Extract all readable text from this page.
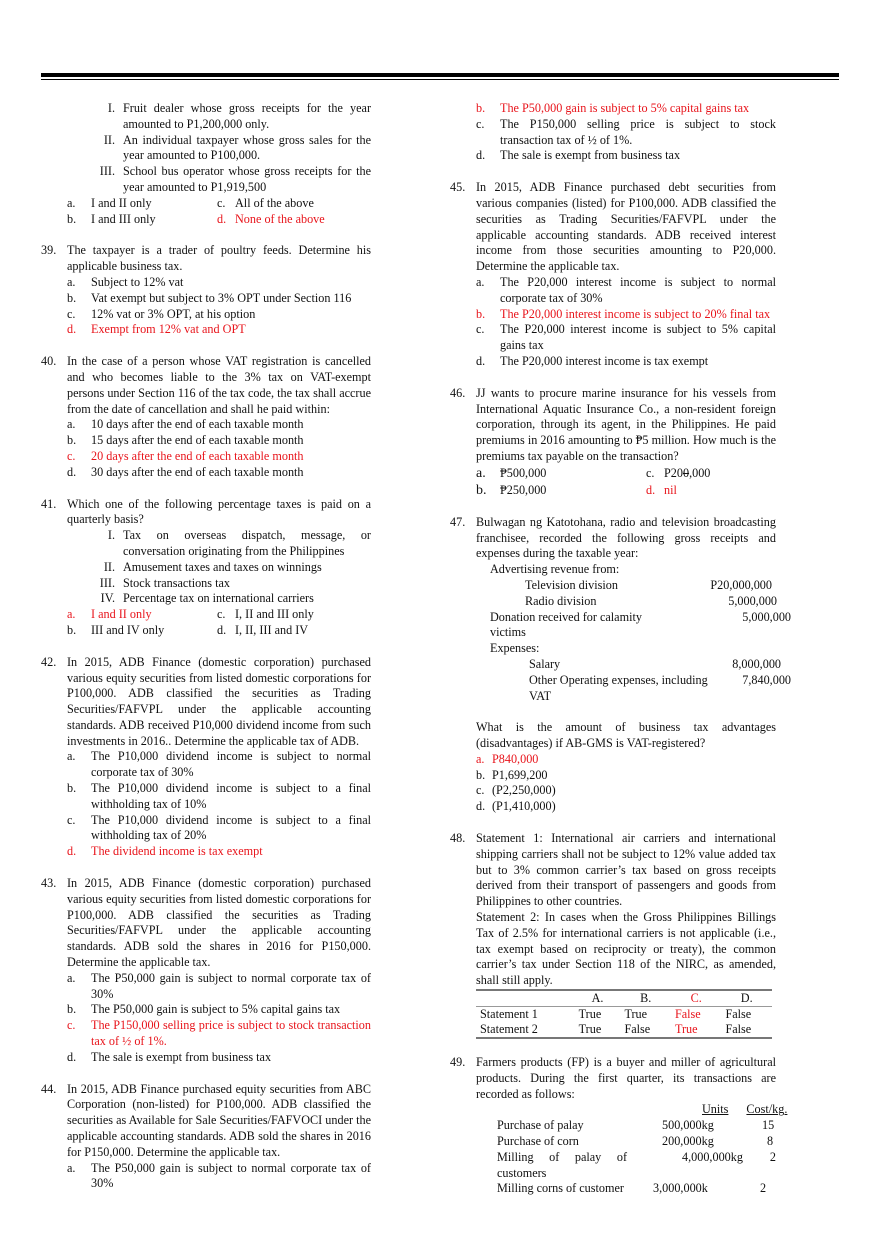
I. Fruit dealer whose gross receipts for the year amounted to P1,200,000 only.
II. An individual taxpayer whose gross sales for the year amounted to P100,000.
III. School bus operator whose gross receipts for the year amounted to P1,919,500
a.	I and II only	c. All of the above
b.	I and III only	d. None of the above
39. The taxpayer is a trader of poultry feeds. Determine his applicable business tax.
a.	Subject to 12% vat
b.	Vat exempt but subject to 3% OPT under Section 116
c.	12% vat or 3% OPT, at his option
d.	Exempt from 12% vat and OPT
40. In the case of a person whose VAT registration is cancelled and who becomes liable to the 3% tax on VAT-exempt persons under Section 116 of the tax code, the tax shall accrue from the date of cancellation and shall he paid within:
a.	10 days after the end of each taxable month
b.	15 days after the end of each taxable month
c.	20 days after the end of each taxable month
d.	30 days after the end of each taxable month
41. Which one of the following percentage taxes is paid on a quarterly basis?
I. Tax on overseas dispatch, message, or conversation originating from the Philippines
II. Amusement taxes and taxes on winnings
III. Stock transactions tax
IV. Percentage tax on international carriers
a.	I and II only	c. I, II and III only
b.	III and IV only	d. I, II, III and IV
42. In 2015, ADB Finance (domestic corporation) purchased various equity securities from listed domestic corporations for P100,000. ADB classified the securities as Trading Securities/FAFVPL under the applicable accounting standards. ADB received P10,000 dividend income from such investments in 2016.. Determine the applicable tax of ADB.
a.	The P10,000 dividend income is subject to normal corporate tax of 30%
b.	The P10,000 dividend income is subject to a final withholding tax of 10%
c.	The P10,000 dividend income is subject to a final withholding tax of 20%
d.	The dividend income is tax exempt
43. In 2015, ADB Finance (domestic corporation) purchased various equity securities from listed domestic corporations for P100,000. ADB classified the securities as Trading Securities/FAFVPL under the applicable accounting standards. ADB sold the shares in 2016 for P150,000. Determine the applicable tax.
a.	The P50,000 gain is subject to normal corporate tax of 30%
b.	The P50,000 gain is subject to 5% capital gains tax
c.	The P150,000 selling price is subject to stock transaction tax of ½ of 1%.
d.	The sale is exempt from business tax
44. In 2015, ADB Finance purchased equity securities from ABC Corporation (non-listed) for P100,000. ADB classified the securities as Available for Sale Securities/FAFVOCI under the applicable accounting standards. ADB sold the shares in 2016 for P150,000. Determine the applicable tax.
a.	The P50,000 gain is subject to normal corporate tax of 30%
b.	The P50,000 gain is subject to 5% capital gains tax
c.	The P150,000 selling price is subject to stock transaction tax of ½ of 1%.
d.	The sale is exempt from business tax
45. In 2015, ADB Finance purchased debt securities from various companies (listed) for P100,000. ADB classified the securities as Trading Securities/FAFVPL under the applicable accounting standards. ADB received interest income from those securities amounting to P20,000. Determine the applicable tax.
a.	The P20,000 interest income is subject to normal corporate tax of 30%
b.	The P20,000 interest income is subject to 20% final tax
c.	The P20,000 interest income is subject to 5% capital gains tax
d.	The P20,000 interest income is tax exempt
46. JJ wants to procure marine insurance for his vessels from International Aquatic Insurance Co., a non-resident foreign corporation, through its agent, in the Philippines. He paid premiums in 2016 amounting to ₱5 million. How much is the premiums tax payable on the transaction?
a.	₱500,000	c. P200,000
b.	₱250,000	d. nil
47. Bulwagan ng Katotohana, radio and television broadcasting franchisee, recorded the following gross receipts and expenses during the taxable year:
Advertising revenue from:
Television division	P20,000,000
Radio division	5,000,000
Donation received for calamity victims
5,000,000
Expenses:
Salary	8,000,000
Other Operating expenses, including VAT
7,840,000
What is the amount of business tax advantages (disadvantages) if AB-GMS is VAT-registered?
a. P840,000
b. P1,699,200
c. (P2,250,000)
d. (P1,410,000)
48. Statement 1: International air carriers and international shipping carriers shall not be subject to 12% value added tax but to 3% common carrier’s tax based on gross receipts derived from their transport of passengers and goods from Philippines to other countries.
Statement 2: In cases when the Gross Philippines Billings Tax of 2.5% for international carriers is not applicable (i.e., tax exempt based on reciprocity or treaty), the common carrier’s tax under Section 118 of the NIRC, as amended, shall still apply.
	A.	B.	C.	D.
Statement 1	True	True	False	False
Statement 2	True	False	True	False
49. Farmers products (FP) is a buyer and miller of agricultural products. During the first quarter, its transactions are recorded as follows:
Units	Cost/kg.
Purchase of palay	500,000kg	15
Purchase of corn	200,000kg	8
Milling of palay of customers
4,000,000kg	2
Milling corns of customer	3,000,000k	2
